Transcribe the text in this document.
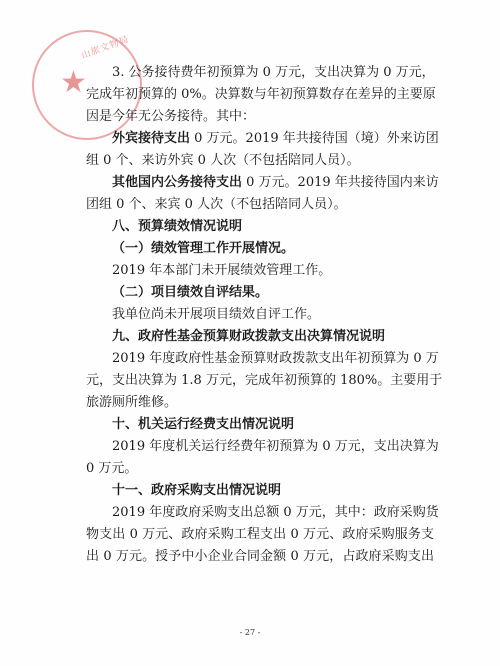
山旅文物局
★	3. 公务接待费年初预算为 0 万元，支出决算为 0 万元，
完成年初预算的 0%。决算数与年初预算数存在差异的主要原
因是今年无公务接待。其中：
外宾接待支出 0 万元。2019 年共接待国（境）外来访团
组 0 个、来访外宾 0 人次（不包括陪同人员）。
其他国内公务接待支出 0 万元。2019 年共接待国内来访
团组 0 个、来宾 0 人次（不包括陪同人员）。
八、预算绩效情况说明
（一）绩效管理工作开展情况。
2019 年本部门未开展绩效管理工作。
（二）项目绩效自评结果。
我单位尚未开展项目绩效自评工作。
九、政府性基金预算财政拨款支出决算情况说明
2019 年度政府性基金预算财政拨款支出年初预算为 0 万
元，支出决算为 1.8 万元，完成年初预算的 180%。主要用于
旅游厕所维修。
十、机关运行经费支出情况说明
2019 年度机关运行经费年初预算为 0 万元，支出决算为
0 万元。
十一、政府采购支出情况说明
2019 年度政府采购支出总额 0 万元，其中：政府采购货
物支出 0 万元、政府采购工程支出 0 万元、政府采购服务支
出 0 万元。授予中小企业合同金额 0 万元，占政府采购支出
- 27 -
